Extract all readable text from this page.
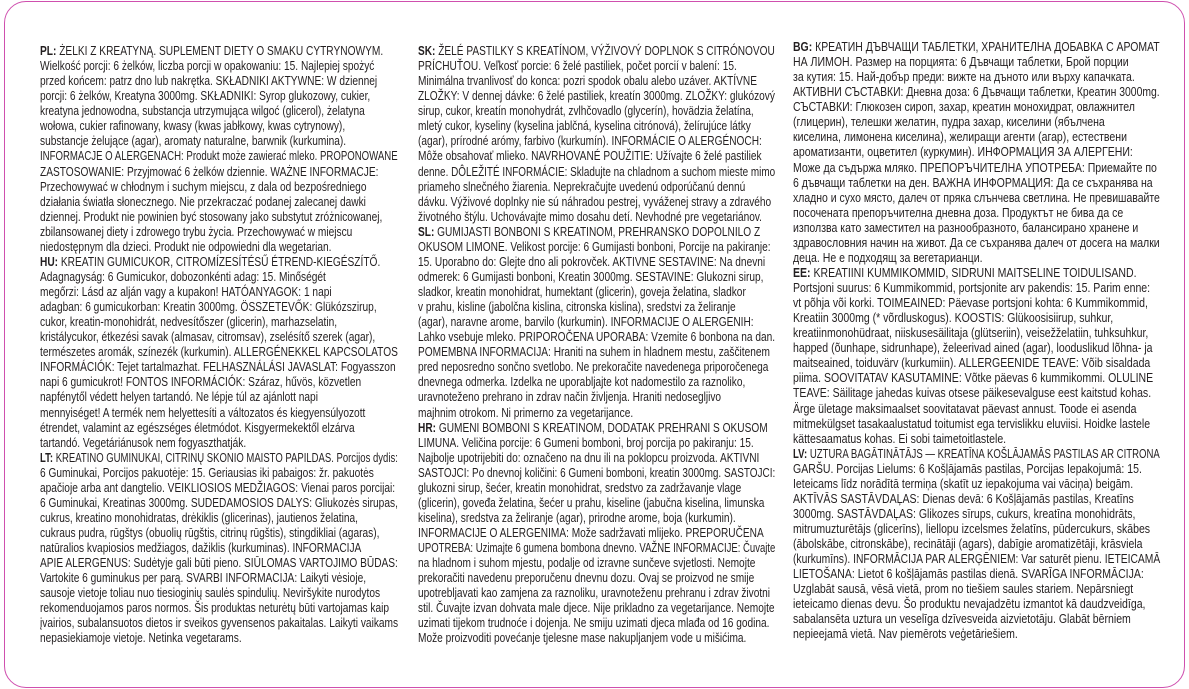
PL: ŻELKI Z KREATYNĄ. SUPLEMENT DIETY O SMAKU CYTRYNOWYM.
Wielkość porcji: 6 żelków, liczba porcji w opakowaniu: 15. Najlepiej spożyć
przed końcem: patrz dno lub nakrętka. SKŁADNIKI AKTYWNE: W dziennej
porcji: 6 żelków, Kreatyna 3000mg. SKŁADNIKI: Syrop glukozowy, cukier,
kreatyna jednowodna, substancja utrzymująca wilgoć (glicerol), żelatyna
wołowa, cukier rafinowany, kwasy (kwas jabłkowy, kwas cytrynowy),
substancje żelujące (agar), aromaty naturalne, barwnik (kurkumina).
INFORMACJE O ALERGENACH: Produkt może zawierać mleko. PROPONOWANE
ZASTOSOWANIE: Przyjmować 6 żelków dziennie. WAŻNE INFORMACJE:
Przechowywać w chłodnym i suchym miejscu, z dala od bezpośredniego
działania światła słonecznego. Nie przekraczać podanej zalecanej dawki
dziennej. Produkt nie powinien być stosowany jako substytut zróżnicowanej,
zbilansowanej diety i zdrowego trybu życia. Przechowywać w miejscu
niedostępnym dla dzieci. Produkt nie odpowiedni dla wegetarian.
HU: KREATIN GUMICUKOR, CITROMÍZESÍTÉSŰ ÉTREND-KIEGÉSZÍTŐ.
Adagnagyság: 6 Gumicukor, dobozonkénti adag: 15. Minőségét
megőrzi: Lásd az alján vagy a kupakon! HATÓANYAGOK: 1 napi
adagban: 6 gumicukorban: Kreatin 3000mg. ÖSSZETEVŐK: Glükózszirup,
cukor, kreatin-monohidrát, nedvesítőszer (glicerin), marhazselatin,
kristálycukor, étkezési savak (almasav, citromsav), zselésítő szerek (agar),
természetes aromák, színezék (kurkumin). ALLERGÉNEKKEL KAPCSOLATOS
INFORMÁCIÓK: Tejet tartalmazhat. FELHASZNÁLÁSI JAVASLAT: Fogyasszon
napi 6 gumicukrot! FONTOS INFORMÁCIÓK: Száraz, hűvös, közvetlen
napfénytől védett helyen tartandó. Ne lépje túl az ajánlott napi
mennyiséget! A termék nem helyettesíti a változatos és kiegyensúlyozott
étrendet, valamint az egészséges életmódot. Kisgyermekektől elzárva
tartandó. Vegetáriánusok nem fogyaszthatják.
LT: KREATINO GUMINUKAI, CITRINŲ SKONIO MAISTO PAPILDAS. Porcijos dydis:
6 Guminukai, Porcijos pakuotėje: 15. Geriausias iki pabaigos: žr. pakuotės
apačioje arba ant dangtelio. VEIKLIOSIOS MEDŽIAGOS: Vienai paros porcijai:
6 Guminukai, Kreatinas 3000mg. SUDEDAMOSIOS DALYS: Gliukozės sirupas,
cukrus, kreatino monohidratas, drėkiklis (glicerinas), jautienos želatina,
cukraus pudra, rūgštys (obuolių rūgštis, citrinų rūgštis), stingdikliai (agaras),
natūralios kvapiosios medžiagos, dažiklis (kurkuminas). INFORMACIJA
APIE ALERGENUS: Sudėtyje gali būti pieno. SIŪLOMAS VARTOJIMO BŪDAS:
Vartokite 6 guminukus per parą. SVARBI INFORMACIJA: Laikyti vėsioje,
sausoje vietoje toliau nuo tiesioginių saulės spindulių. Neviršykite nurodytos
rekomenduojamos paros normos. Šis produktas neturėtų būti vartojamas kaip
įvairios, subalansuotos dietos ir sveikos gyvensenos pakaitalas. Laikyti vaikams
nepasiekiamoje vietoje. Netinka vegetarams.
SK: ŽELÉ PASTILKY S KREATÍNOM, VÝŽIVOVÝ DOPLNOK S CITRÓNOVOU
PRÍCHUŤOU. Veľkosť porcie: 6 želé pastiliek, počet porcií v balení: 15.
Minimálna trvanlivosť do konca: pozri spodok obalu alebo uzáver. AKTÍVNE
ZLOŽKY: V dennej dávke: 6 želé pastiliek, kreatín 3000mg. ZLOŽKY: glukózový
sirup, cukor, kreatín monohydrát, zvlhčovadlo (glycerín), hovädzia želatína,
mletý cukor, kyseliny (kyselina jablčná, kyselina citrónová), želírujúce látky
(agar), prírodné arómy, farbivo (kurkumín). INFORMÁCIE O ALERGÉNOCH:
Môže obsahovať mlieko. NAVRHOVANÉ POUŽITIE: Užívajte 6 želé pastiliek
denne. DÔLEŽITÉ INFORMÁCIE: Skladujte na chladnom a suchom mieste mimo
priameho slnečného žiarenia. Neprekračujte uvedenú odporúčanú dennú
dávku. Výživové doplnky nie sú náhradou pestrej, vyváženej stravy a zdravého
životného štýlu. Uchovávajte mimo dosahu detí. Nevhodné pre vegetariánov.
SL: GUMIJASTI BONBONI S KREATINOM, PREHRANSKO DOPOLNILO Z
OKUSOM LIMONE. Velikost porcije: 6 Gumijasti bonboni, Porcije na pakiranje:
15. Uporabno do: Glejte dno ali pokrovček. AKTIVNE SESTAVINE: Na dnevni
odmerek: 6 Gumijasti bonboni, Kreatin 3000mg. SESTAVINE: Glukozni sirup,
sladkor, kreatin monohidrat, humektant (glicerin), goveja želatina, sladkor
v prahu, kisline (jabolčna kislina, citronska kislina), sredstvi za želiranje
(agar), naravne arome, barvilo (kurkumin). INFORMACIJE O ALERGENIH:
Lahko vsebuje mleko. PRIPOROČENA UPORABA: Vzemite 6 bonbona na dan.
POMEMBNA INFORMACIJA: Hraniti na suhem in hladnem mestu, zaščitenem
pred neposredno sončno svetlobo. Ne prekoračite navedenega priporočenega
dnevnega odmerka. Izdelka ne uporabljajte kot nadomestilo za raznoliko,
uravnoteženo prehrano in zdrav način življenja. Hraniti nedosegljivo
majhnim otrokom. Ni primerno za vegetarijance.
HR: GUMENI BOMBONI S KREATINOM, DODATAK PREHRANI S OKUSOM
LIMUNA. Veličina porcije: 6 Gumeni bomboni, broj porcija po pakiranju: 15.
Najbolje upotrijebiti do: označeno na dnu ili na poklopcu proizvoda. AKTIVNI
SASTOJCI: Po dnevnoj količini: 6 Gumeni bomboni, kreatin 3000mg. SASTOJCI:
glukozni sirup, šećer, kreatin monohidrat, sredstvo za zadržavanje vlage
(glicerin), goveđa želatina, šećer u prahu, kiseline (jabučna kiselina, limunska
kiselina), sredstva za želiranje (agar), prirodne arome, boja (kurkumin).
INFORMACIJE O ALERGENIMA: Može sadržavati mlijeko. PREPORUČENA
UPOTREBA: Uzimajte 6 gumena bombona dnevno. VAŽNE INFORMACIJE: Čuvajte
na hladnom i suhom mjestu, podalje od izravne sunčeve svjetlosti. Nemojte
prekoračiti navedenu preporučenu dnevnu dozu. Ovaj se proizvod ne smije
upotrebljavati kao zamjena za raznoliku, uravnoteženu prehranu i zdrav životni
stil. Čuvajte izvan dohvata male djece. Nije prikladno za vegetarijance. Nemojte
uzimati tijekom trudnoće i dojenja. Ne smiju uzimati djeca mlađa od 16 godina.
Može proizvoditi povećanje tjelesne mase nakupljanjem vode u mišićima.
BG: КРЕАТИН ДЪВЧАЩИ ТАБЛЕТКИ, ХРАНИТЕЛНА ДОБАВКА С АРОМАТ
НА ЛИМОН. Размер на порцията: 6 Дъвчащи таблетки, Брой порции
за кутия: 15. Най-добър преди: вижте на дъното или върху капачката.
АКТИВНИ СЪСТАВКИ: Дневна доза: 6 Дъвчащи таблетки, Креатин 3000mg.
СЪСТАВКИ: Глюкозен сироп, захар, креатин монохидрат, овлажнител
(глицерин), телешки желатин, пудра захар, киселини (ябълчена
киселина, лимонена киселина), желиращи агенти (агар), естествени
ароматизанти, оцветител (куркумин). ИНФОРМАЦИЯ ЗА АЛЕРГЕНИ:
Може да съдържа мляко. ПРЕПОРЪЧИТЕЛНА УПОТРЕБА: Приемайте по
6 дъвчащи таблетки на ден. ВАЖНА ИНФОРМАЦИЯ: Да се съхранява на
хладно и сухо място, далеч от пряка слънчева светлина. Не превишавайте
посочената препоръчителна дневна доза. Продуктът не бива да се
използва като заместител на разнообразното, балансирано хранене и
здравословния начин на живот. Да се съхранява далеч от досега на малки
деца. Не е подходящ за вегетарианци.
EE: KREATIINI KUMMIKOMMID, SIDRUNI MAITSELINE TOIDULISAND.
Portsjoni suurus: 6 Kummikommid, portsjonite arv pakendis: 15. Parim enne:
vt põhja või korki. TOIMEAINED: Päevase portsjoni kohta: 6 Kummikommid,
Kreatiin 3000mg (* võrdluskogus). KOOSTIS: Glükoosisiirup, suhkur,
kreatiinmonohüdraat, niiskusesäilitaja (glütseriin), veisežželatiin, tuhksuhkur,
happed (õunhape, sidrunhape), želeerivad ained (agar), looduslikud lõhna- ja
maitseained, toiduvärv (kurkumiin). ALLERGEENIDE TEAVE: Võib sisaldada
piima. SOOVITATAV KASUTAMINE: Võtke päevas 6 kummikommi. OLULINE
TEAVE: Säilitage jahedas kuivas otsese päikesevalguse eest kaitstud kohas.
Ärge ületage maksimaalset soovitatavat päevast annust. Toode ei asenda
mitmekülgset tasakaalustatud toitumist ega tervislikku eluviisi. Hoidke lastele
kättesaamatus kohas. Ei sobi taimetoitlastele.
LV: UZTURA BAGĀTINĀTĀJS — KREATĪNA KOŠLĀJAMĀS PASTILAS AR CITRONA
GARŠU. Porcijas Lielums: 6 Košļājamās pastilas, Porcijas Iepakojumā: 15.
Ieteicams līdz norādītā termiņa (skatīt uz iepakojuma vai vāciņa) beigām.
AKTĪVĀS SASTĀVDAĻAS: Dienas devā: 6 Košļājamās pastilas, Kreatīns
3000mg. SASTĀVDAĻAS: Glikozes sīrups, cukurs, kreatīna monohidrāts,
mitrumuzturētājs (glicerīns), liellopu izcelsmes želatīns, pūdercukurs, skābes
(ābolskābe, citronskābe), recinātāji (agars), dabīgie aromatizētāji, krāsviela
(kurkumīns). INFORMĀCIJA PAR ALERĢĒNIEM: Var saturēt pienu. IETEICAMĀ
LIETOŠANA: Lietot 6 košļājamās pastilas dienā. SVARĪGA INFORMĀCIJA:
Uzglabāt sausā, vēsā vietā, prom no tiešiem saules stariem. Nepārsniegt
ieteicamo dienas devu. Šo produktu nevajadzētu izmantot kā daudzveidīga,
sabalansēta uztura un veselīga dzīvesveida aizvietotāju. Glabāt bērniem
nepieejamā vietā. Nav piemērots veģetāriešiem.
